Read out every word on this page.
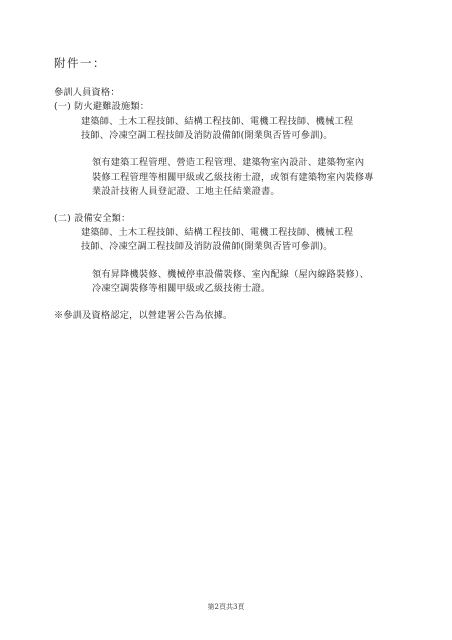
附件一：
參訓人員資格：
(一) 防火避難設施類：
建築師、土木工程技師、結構工程技師、電機工程技師、機械工程
技師、冷凍空調工程技師及消防設備師(開業與否皆可參訓)。
領有建築工程管理、營造工程管理、建築物室內設計、建築物室內
裝修工程管理等相關甲級或乙級技術士證，或領有建築物室內裝修專
業設計技術人員登記證、工地主任結業證書。
(二) 設備安全類：
建築師、土木工程技師、結構工程技師、電機工程技師、機械工程
技師、冷凍空調工程技師及消防設備師(開業與否皆可參訓)。
領有昇降機裝修、機械停車設備裝修、室內配線（屋內線路裝修）、
冷凍空調裝修等相關甲級或乙級技術士證。
※參訓及資格認定，以營建署公告為依據。
第2頁共3頁
